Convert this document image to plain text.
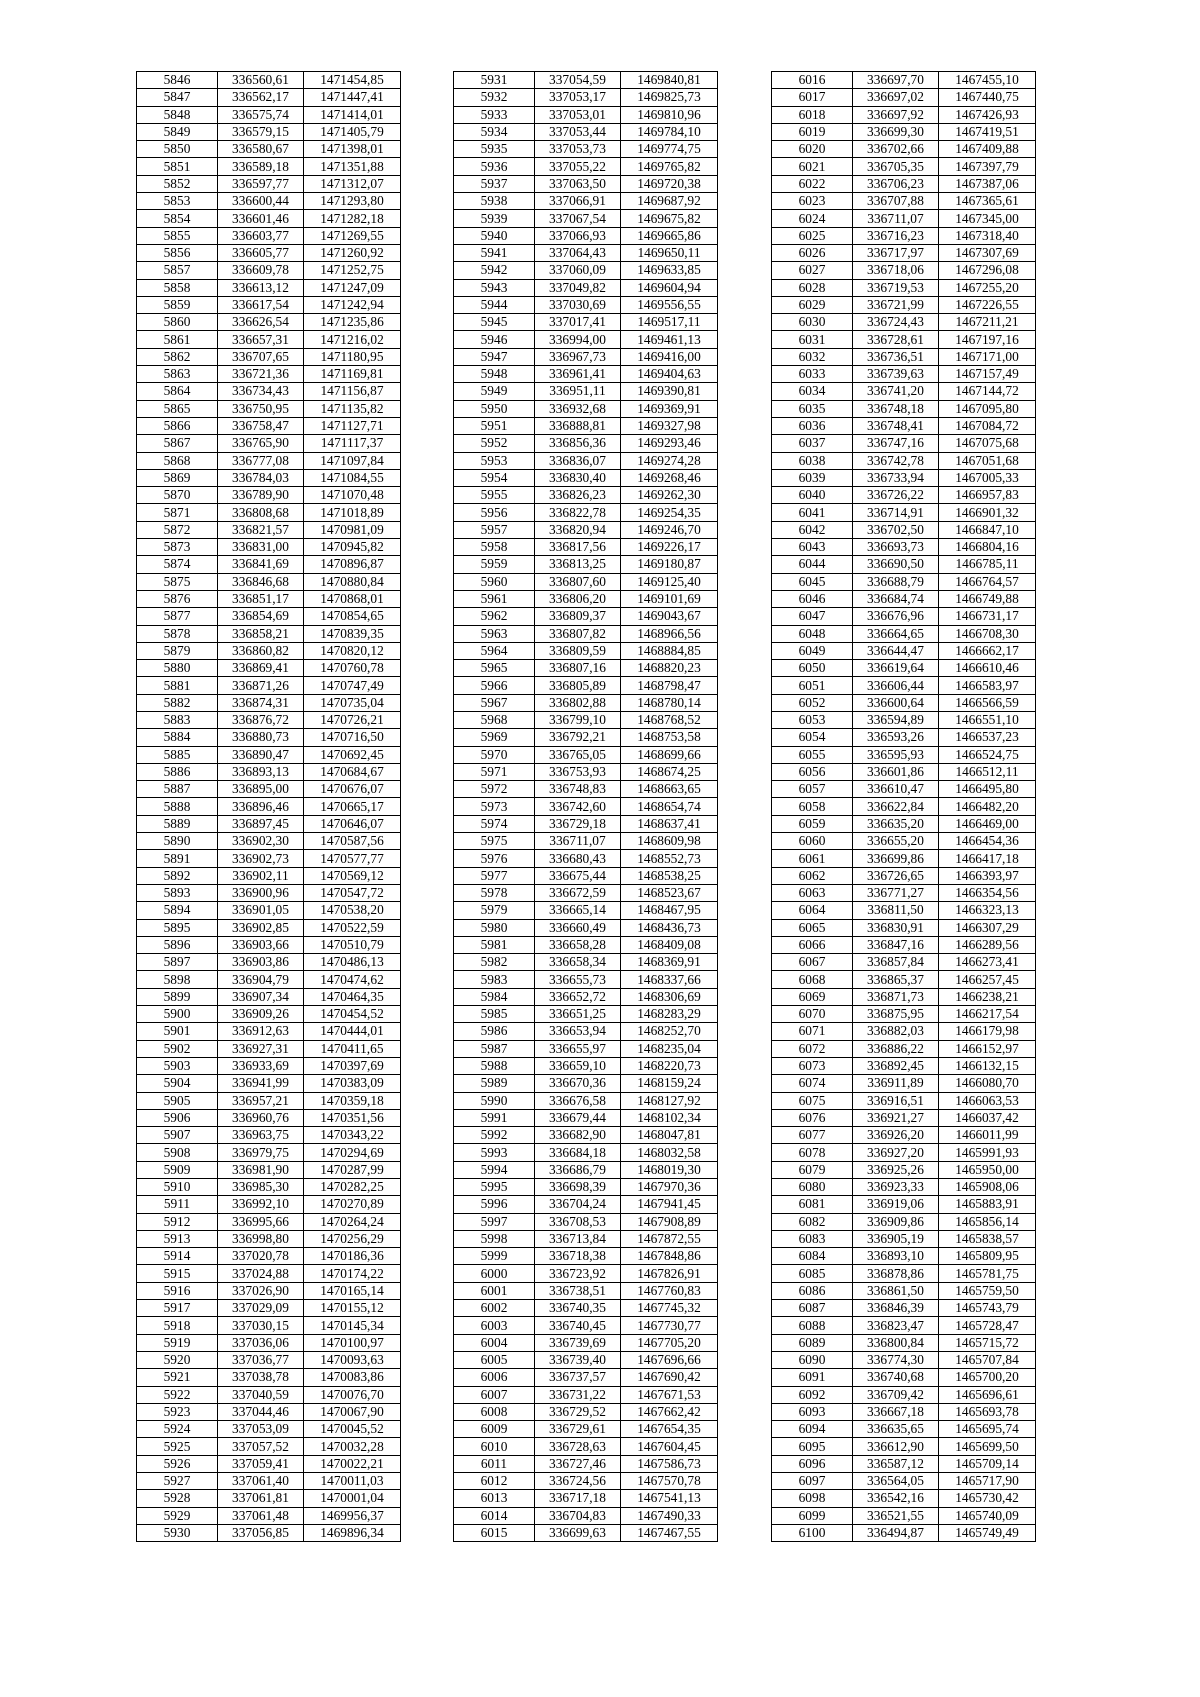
5846	336560,61	1471454,85
5847	336562,17	1471447,41
5848	336575,74	1471414,01
5849	336579,15	1471405,79
5850	336580,67	1471398,01
5851	336589,18	1471351,88
5852	336597,77	1471312,07
5853	336600,44	1471293,80
5854	336601,46	1471282,18
5855	336603,77	1471269,55
5856	336605,77	1471260,92
5857	336609,78	1471252,75
5858	336613,12	1471247,09
5859	336617,54	1471242,94
5860	336626,54	1471235,86
5861	336657,31	1471216,02
5862	336707,65	1471180,95
5863	336721,36	1471169,81
5864	336734,43	1471156,87
5865	336750,95	1471135,82
5866	336758,47	1471127,71
5867	336765,90	1471117,37
5868	336777,08	1471097,84
5869	336784,03	1471084,55
5870	336789,90	1471070,48
5871	336808,68	1471018,89
5872	336821,57	1470981,09
5873	336831,00	1470945,82
5874	336841,69	1470896,87
5875	336846,68	1470880,84
5876	336851,17	1470868,01
5877	336854,69	1470854,65
5878	336858,21	1470839,35
5879	336860,82	1470820,12
5880	336869,41	1470760,78
5881	336871,26	1470747,49
5882	336874,31	1470735,04
5883	336876,72	1470726,21
5884	336880,73	1470716,50
5885	336890,47	1470692,45
5886	336893,13	1470684,67
5887	336895,00	1470676,07
5888	336896,46	1470665,17
5889	336897,45	1470646,07
5890	336902,30	1470587,56
5891	336902,73	1470577,77
5892	336902,11	1470569,12
5893	336900,96	1470547,72
5894	336901,05	1470538,20
5895	336902,85	1470522,59
5896	336903,66	1470510,79
5897	336903,86	1470486,13
5898	336904,79	1470474,62
5899	336907,34	1470464,35
5900	336909,26	1470454,52
5901	336912,63	1470444,01
5902	336927,31	1470411,65
5903	336933,69	1470397,69
5904	336941,99	1470383,09
5905	336957,21	1470359,18
5906	336960,76	1470351,56
5907	336963,75	1470343,22
5908	336979,75	1470294,69
5909	336981,90	1470287,99
5910	336985,30	1470282,25
5911	336992,10	1470270,89
5912	336995,66	1470264,24
5913	336998,80	1470256,29
5914	337020,78	1470186,36
5915	337024,88	1470174,22
5916	337026,90	1470165,14
5917	337029,09	1470155,12
5918	337030,15	1470145,34
5919	337036,06	1470100,97
5920	337036,77	1470093,63
5921	337038,78	1470083,86
5922	337040,59	1470076,70
5923	337044,46	1470067,90
5924	337053,09	1470045,52
5925	337057,52	1470032,28
5926	337059,41	1470022,21
5927	337061,40	1470011,03
5928	337061,81	1470001,04
5929	337061,48	1469956,37
5930	337056,85	1469896,34
5931	337054,59	1469840,81
5932	337053,17	1469825,73
5933	337053,01	1469810,96
5934	337053,44	1469784,10
5935	337053,73	1469774,75
5936	337055,22	1469765,82
5937	337063,50	1469720,38
5938	337066,91	1469687,92
5939	337067,54	1469675,82
5940	337066,93	1469665,86
5941	337064,43	1469650,11
5942	337060,09	1469633,85
5943	337049,82	1469604,94
5944	337030,69	1469556,55
5945	337017,41	1469517,11
5946	336994,00	1469461,13
5947	336967,73	1469416,00
5948	336961,41	1469404,63
5949	336951,11	1469390,81
5950	336932,68	1469369,91
5951	336888,81	1469327,98
5952	336856,36	1469293,46
5953	336836,07	1469274,28
5954	336830,40	1469268,46
5955	336826,23	1469262,30
5956	336822,78	1469254,35
5957	336820,94	1469246,70
5958	336817,56	1469226,17
5959	336813,25	1469180,87
5960	336807,60	1469125,40
5961	336806,20	1469101,69
5962	336809,37	1469043,67
5963	336807,82	1468966,56
5964	336809,59	1468884,85
5965	336807,16	1468820,23
5966	336805,89	1468798,47
5967	336802,88	1468780,14
5968	336799,10	1468768,52
5969	336792,21	1468753,58
5970	336765,05	1468699,66
5971	336753,93	1468674,25
5972	336748,83	1468663,65
5973	336742,60	1468654,74
5974	336729,18	1468637,41
5975	336711,07	1468609,98
5976	336680,43	1468552,73
5977	336675,44	1468538,25
5978	336672,59	1468523,67
5979	336665,14	1468467,95
5980	336660,49	1468436,73
5981	336658,28	1468409,08
5982	336658,34	1468369,91
5983	336655,73	1468337,66
5984	336652,72	1468306,69
5985	336651,25	1468283,29
5986	336653,94	1468252,70
5987	336655,97	1468235,04
5988	336659,10	1468220,73
5989	336670,36	1468159,24
5990	336676,58	1468127,92
5991	336679,44	1468102,34
5992	336682,90	1468047,81
5993	336684,18	1468032,58
5994	336686,79	1468019,30
5995	336698,39	1467970,36
5996	336704,24	1467941,45
5997	336708,53	1467908,89
5998	336713,84	1467872,55
5999	336718,38	1467848,86
6000	336723,92	1467826,91
6001	336738,51	1467760,83
6002	336740,35	1467745,32
6003	336740,45	1467730,77
6004	336739,69	1467705,20
6005	336739,40	1467696,66
6006	336737,57	1467690,42
6007	336731,22	1467671,53
6008	336729,52	1467662,42
6009	336729,61	1467654,35
6010	336728,63	1467604,45
6011	336727,46	1467586,73
6012	336724,56	1467570,78
6013	336717,18	1467541,13
6014	336704,83	1467490,33
6015	336699,63	1467467,55
6016	336697,70	1467455,10
6017	336697,02	1467440,75
6018	336697,92	1467426,93
6019	336699,30	1467419,51
6020	336702,66	1467409,88
6021	336705,35	1467397,79
6022	336706,23	1467387,06
6023	336707,88	1467365,61
6024	336711,07	1467345,00
6025	336716,23	1467318,40
6026	336717,97	1467307,69
6027	336718,06	1467296,08
6028	336719,53	1467255,20
6029	336721,99	1467226,55
6030	336724,43	1467211,21
6031	336728,61	1467197,16
6032	336736,51	1467171,00
6033	336739,63	1467157,49
6034	336741,20	1467144,72
6035	336748,18	1467095,80
6036	336748,41	1467084,72
6037	336747,16	1467075,68
6038	336742,78	1467051,68
6039	336733,94	1467005,33
6040	336726,22	1466957,83
6041	336714,91	1466901,32
6042	336702,50	1466847,10
6043	336693,73	1466804,16
6044	336690,50	1466785,11
6045	336688,79	1466764,57
6046	336684,74	1466749,88
6047	336676,96	1466731,17
6048	336664,65	1466708,30
6049	336644,47	1466662,17
6050	336619,64	1466610,46
6051	336606,44	1466583,97
6052	336600,64	1466566,59
6053	336594,89	1466551,10
6054	336593,26	1466537,23
6055	336595,93	1466524,75
6056	336601,86	1466512,11
6057	336610,47	1466495,80
6058	336622,84	1466482,20
6059	336635,20	1466469,00
6060	336655,20	1466454,36
6061	336699,86	1466417,18
6062	336726,65	1466393,97
6063	336771,27	1466354,56
6064	336811,50	1466323,13
6065	336830,91	1466307,29
6066	336847,16	1466289,56
6067	336857,84	1466273,41
6068	336865,37	1466257,45
6069	336871,73	1466238,21
6070	336875,95	1466217,54
6071	336882,03	1466179,98
6072	336886,22	1466152,97
6073	336892,45	1466132,15
6074	336911,89	1466080,70
6075	336916,51	1466063,53
6076	336921,27	1466037,42
6077	336926,20	1466011,99
6078	336927,20	1465991,93
6079	336925,26	1465950,00
6080	336923,33	1465908,06
6081	336919,06	1465883,91
6082	336909,86	1465856,14
6083	336905,19	1465838,57
6084	336893,10	1465809,95
6085	336878,86	1465781,75
6086	336861,50	1465759,50
6087	336846,39	1465743,79
6088	336823,47	1465728,47
6089	336800,84	1465715,72
6090	336774,30	1465707,84
6091	336740,68	1465700,20
6092	336709,42	1465696,61
6093	336667,18	1465693,78
6094	336635,65	1465695,74
6095	336612,90	1465699,50
6096	336587,12	1465709,14
6097	336564,05	1465717,90
6098	336542,16	1465730,42
6099	336521,55	1465740,09
6100	336494,87	1465749,49
